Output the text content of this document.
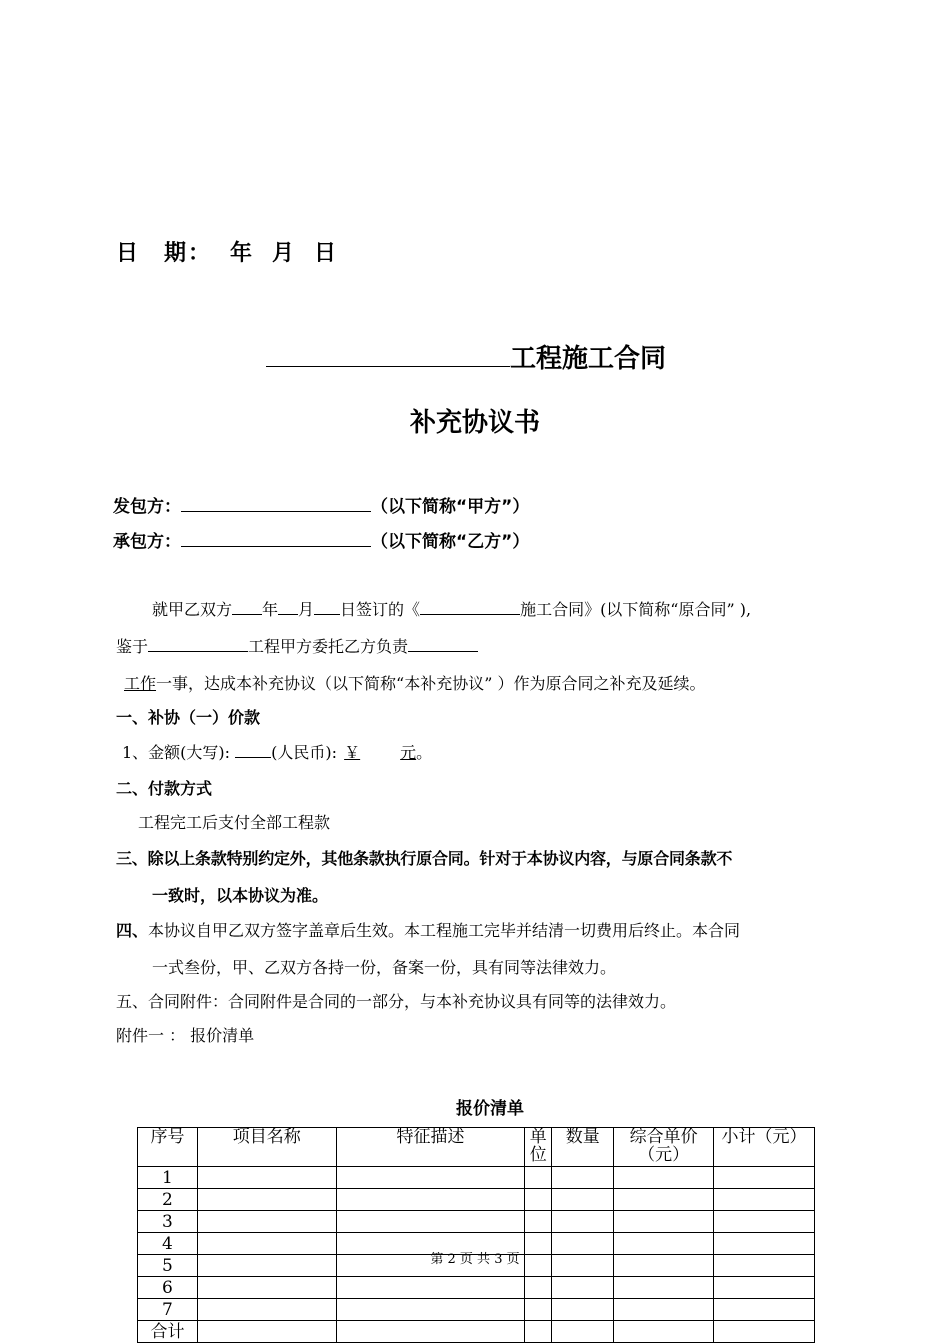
日　期： 年 月 日
工程施工合同
补充协议书
发包方：	（以下简称“甲方”）
承包方：	（以下简称“乙方”）
就甲乙双方 年 月 日签订的《	施工合同》(以下简称“原合同” ),
鉴于	工程甲方委托乙方负责
工作一事，达成本补充协议（以下简称“本补充协议” ）作为原合同之补充及延续。
一、补协（一）价款
1、金额(大写): (人民币): ￥	元。
二、付款方式
工程完工后支付全部工程款
三、除以上条款特别约定外，其他条款执行原合同。针对于本协议内容，与原合同条款不
一致时，以本协议为准。
四、本协议自甲乙双方签字盖章后生效。本工程施工完毕并结清一切费用后终止。本合同
一式叁份，甲、乙双方各持一份，备案一份，具有同等法律效力。
五、合同附件：合同附件是合同的一部分，与本补充协议具有同等的法律效力。
附件一 ： 报价清单
报价清单
序号	项目名称	特征描述	单位	数量	综合单价（元）	小计（元）
1						
2						
3						
4						
5						
6						
7						
合计						
第 2 页 共 3 页
